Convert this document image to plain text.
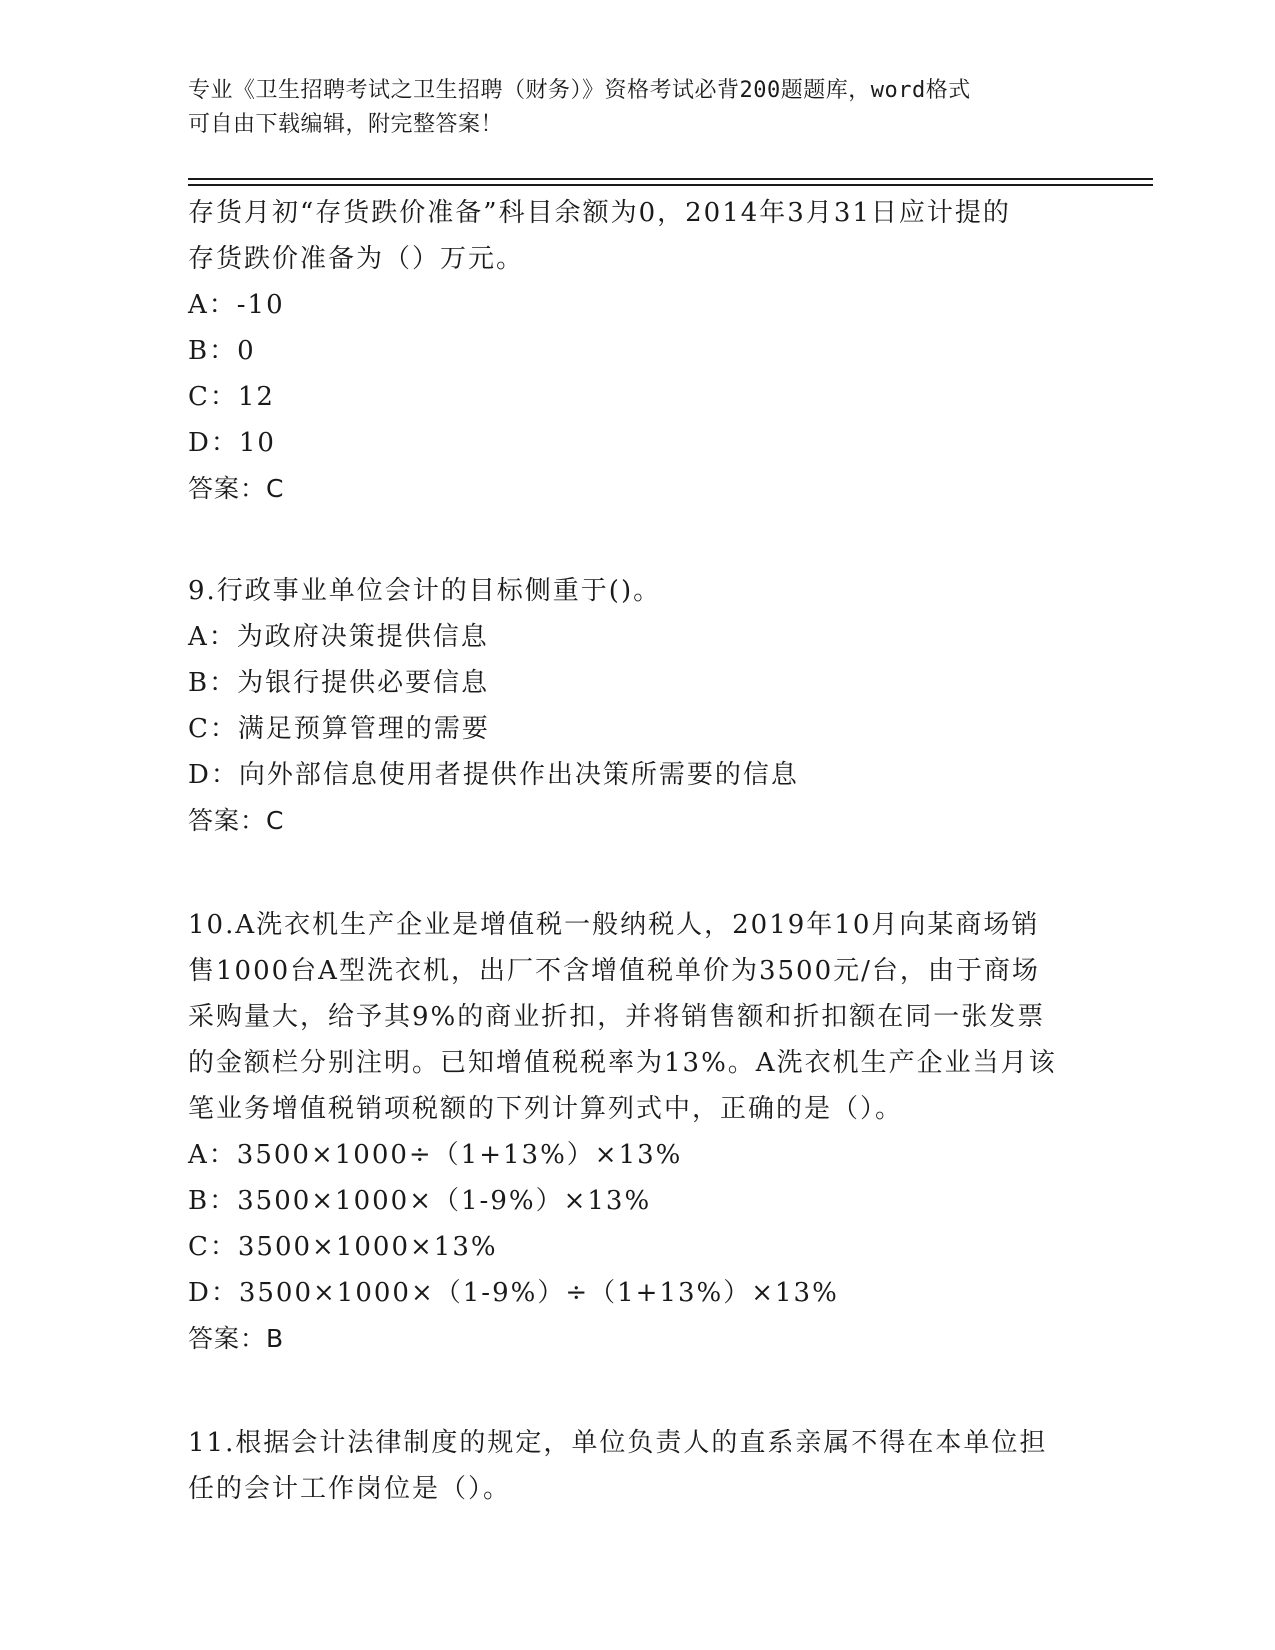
专业《卫生招聘考试之卫生招聘（财务）》资格考试必背200题题库，word格式
可自由下载编辑，附完整答案！
存货月初“存货跌价准备”科目余额为0，2014年3月31日应计提的
存货跌价准备为（）万元。
A：-10
B：0
C：12
D：10
答案：C
9.行政事业单位会计的目标侧重于()。
A：为政府决策提供信息
B：为银行提供必要信息
C：满足预算管理的需要
D：向外部信息使用者提供作出决策所需要的信息
答案：C
10.A洗衣机生产企业是增值税一般纳税人，2019年10月向某商场销
售1000台A型洗衣机，出厂不含增值税单价为3500元/台，由于商场
采购量大，给予其9%的商业折扣，并将销售额和折扣额在同一张发票
的金额栏分别注明。已知增值税税率为13%。A洗衣机生产企业当月该
笔业务增值税销项税额的下列计算列式中，正确的是（）。
A：3500×1000÷（1+13%）×13%
B：3500×1000×（1-9%）×13%
C：3500×1000×13%
D：3500×1000×（1-9%）÷（1+13%）×13%
答案：B
11.根据会计法律制度的规定，单位负责人的直系亲属不得在本单位担
任的会计工作岗位是（）。
